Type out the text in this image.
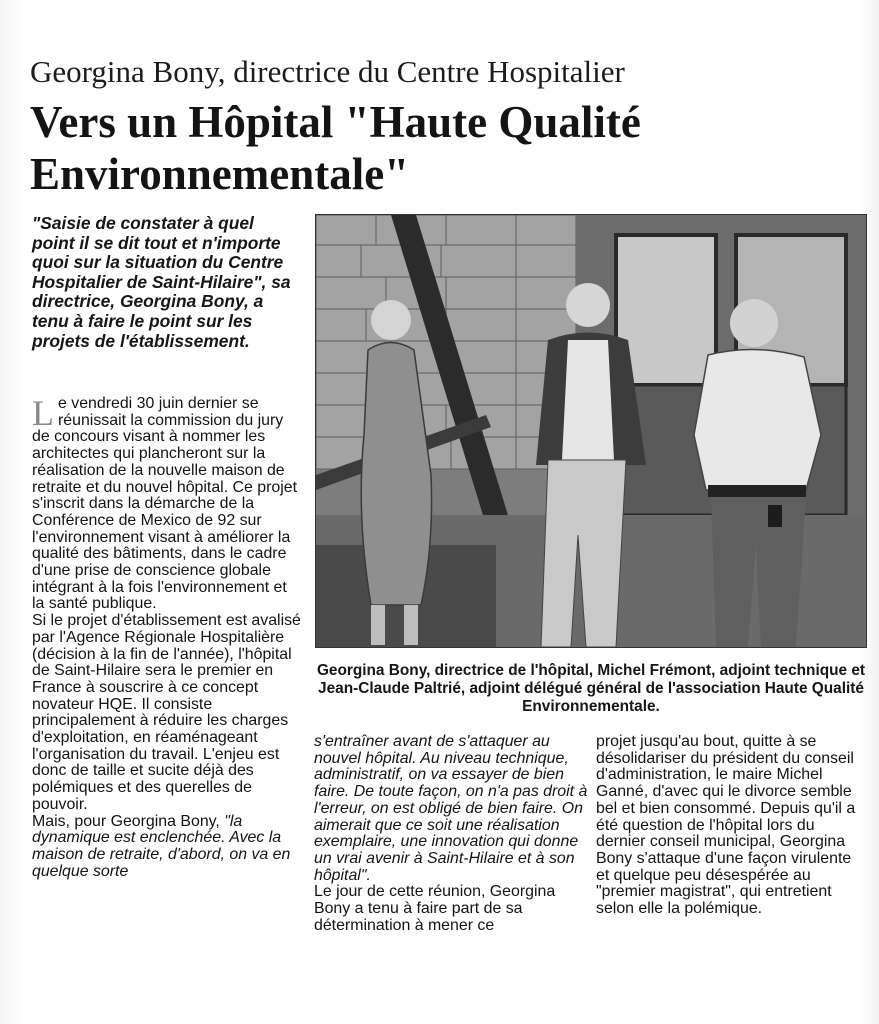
Georgina Bony, directrice du Centre Hospitalier
Vers un Hôpital "Haute Qualité
Environnementale"
"Saisie de constater à quel point il se dit tout et n'importe quoi sur la situation du Centre Hospitalier de Saint-Hilaire", sa directrice, Georgina Bony, a tenu à faire le point sur les projets de l'établissement.

Le vendredi 30 juin dernier se réunissait la commission du jury de concours visant à nommer les architectes qui plancheront sur la réalisation de la nouvelle maison de retraite et du nouvel hôpital. Ce projet s'inscrit dans la démarche de la Conférence de Mexico de 92 sur l'environnement visant à améliorer la qualité des bâtiments, dans le cadre d'une prise de conscience globale intégrant à la fois l'environnement et la santé publique.

Si le projet d'établissement est avalisé par l'Agence Régionale Hospitalière (décision à la fin de l'année), l'hôpital de Saint-Hilaire sera le premier en France à souscrire à ce concept novateur HQE. Il consiste principalement à réduire les charges d'exploitation, en réaménageant l'organisation du travail. L'enjeu est donc de taille et sucite déjà des polémiques et des querelles de pouvoir.

Mais, pour Georgina Bony, "la dynamique est enclenchée. Avec la maison de retraite, d'abord, on va en quelque sorte

Georgina Bony, directrice de l'hôpital, Michel Frémont, adjoint technique et Jean-Claude Paltrié, adjoint délégué général de l'association Haute Qualité Environnementale.

s'entraîner avant de s'attaquer au nouvel hôpital. Au niveau technique, administratif, on va essayer de bien faire. De toute façon, on n'a pas droit à l'erreur, on est obligé de bien faire. On aimerait que ce soit une réalisation exemplaire, une innovation qui donne un vrai avenir à Saint-Hilaire et à son hôpital".

Le jour de cette réunion, Georgina Bony a tenu à faire part de sa détermination à mener ce

projet jusqu'au bout, quitte à se désolidariser du président du conseil d'administration, le maire Michel Ganné, d'avec qui le divorce semble bel et bien consommé. Depuis qu'il a été question de l'hôpital lors du dernier conseil municipal, Georgina Bony s'attaque d'une façon virulente et quelque peu désespérée au "premier magistrat", qui entretient selon elle la polémique.
